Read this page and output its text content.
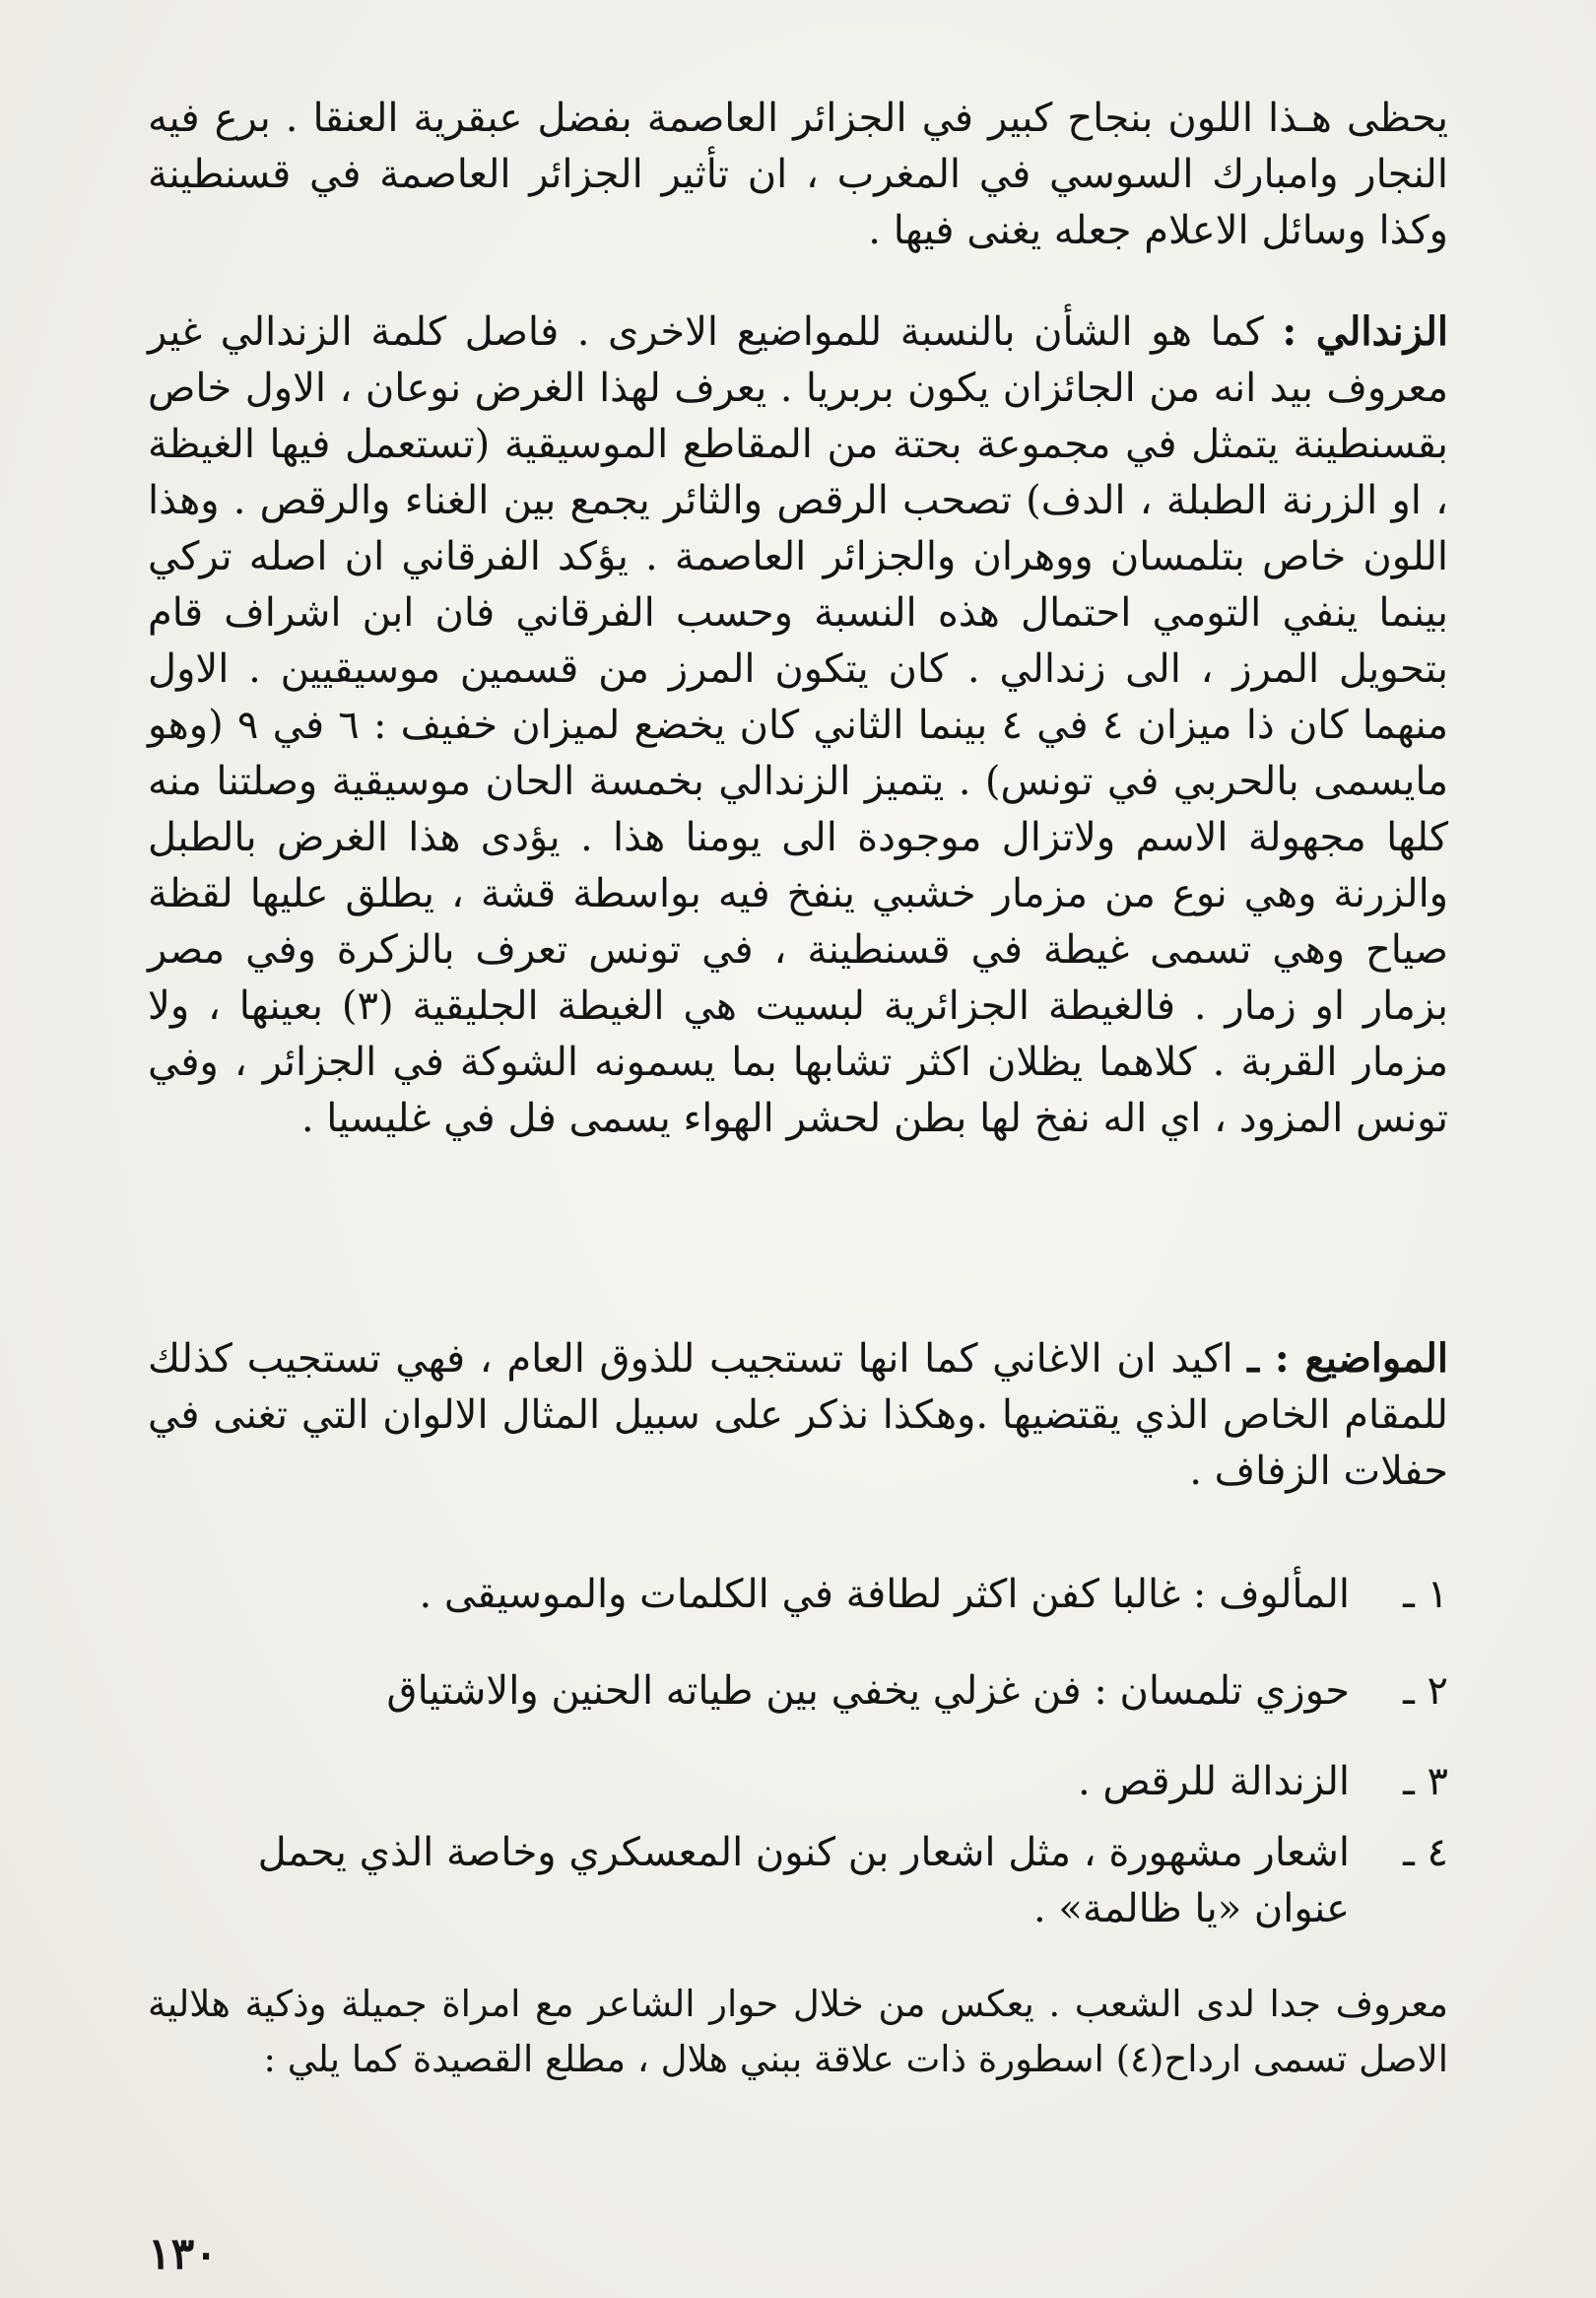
يحظى هـذا اللون بنجاح كبير في الجزائر العاصمة بفضل عبقرية العنقا . برع فيه النجار وامبارك السوسي في المغرب ، ان تأثير الجزائر العاصمة في قسنطينة وكذا وسائل الاعلام جعله يغنى فيها .

الزندالي : كما هو الشأن بالنسبة للمواضيع الاخرى . فاصل كلمة الزندالي غير معروف بيد انه من الجائزان يكون بربريا . يعرف لهذا الغرض نوعان ، الاول خاص بقسنطينة يتمثل في مجموعة بحتة من المقاطع الموسيقية (تستعمل فيها الغيظة ، او الزرنة الطبلة ، الدف) تصحب الرقص والثائر يجمع بين الغناء والرقص . وهذا اللون خاص بتلمسان ووهران والجزائر العاصمة . يؤكد الفرقاني ان اصله تركي بينما ينفي التومي احتمال هذه النسبة وحسب الفرقاني فان ابن اشراف قام بتحويل المرز ، الى زندالي . كان يتكون المرز من قسمين موسيقيين . الاول منهما كان ذا ميزان ٤ في ٤ بينما الثاني كان يخضع لميزان خفيف : ٦ في ٩ (وهو مايسمى بالحربي في تونس) . يتميز الزندالي بخمسة الحان موسيقية وصلتنا منه كلها مجهولة الاسم ولاتزال موجودة الى يومنا هذا . يؤدى هذا الغرض بالطبل والزرنة وهي نوع من مزمار خشبي ينفخ فيه بواسطة قشة ، يطلق عليها لقظة صياح وهي تسمى غيطة في قسنطينة ، في تونس تعرف بالزكرة وفي مصر بزمار او زمار . فالغيطة الجزائرية لبسيت هي الغيطة الجليقية (٣) بعينها ، ولا مزمار القربة . كلاهما يظلان اكثر تشابها بما يسمونه الشوكة في الجزائر ، وفي تونس المزود ، اي اله نفخ لها بطن لحشر الهواء يسمى فل في غليسيا .

المواضيع : ـ اكيد ان الاغاني كما انها تستجيب للذوق العام ، فهي تستجيب كذلك للمقام الخاص الذي يقتضيها .وهكذا نذكر على سبيل المثال الالوان التي تغنى في حفلات الزفاف .

١ ـ
المألوف : غالبا كفن اكثر لطافة في الكلمات والموسيقى .
٢ ـ
حوزي تلمسان : فن غزلي يخفي بين طياته الحنين والاشتياق
٣ ـ
الزندالة للرقص .
٤ ـ
اشعار مشهورة ، مثل اشعار بن كنون المعسكري وخاصة الذي يحمل عنوان «يا ظالمة» .

معروف جدا لدى الشعب . يعكس من خلال حوار الشاعر مع امراة جميلة وذكية هلالية الاصل تسمى ارداح(٤) اسطورة ذات علاقة ببني هلال ، مطلع القصيدة كما يلي :

١٣٠
